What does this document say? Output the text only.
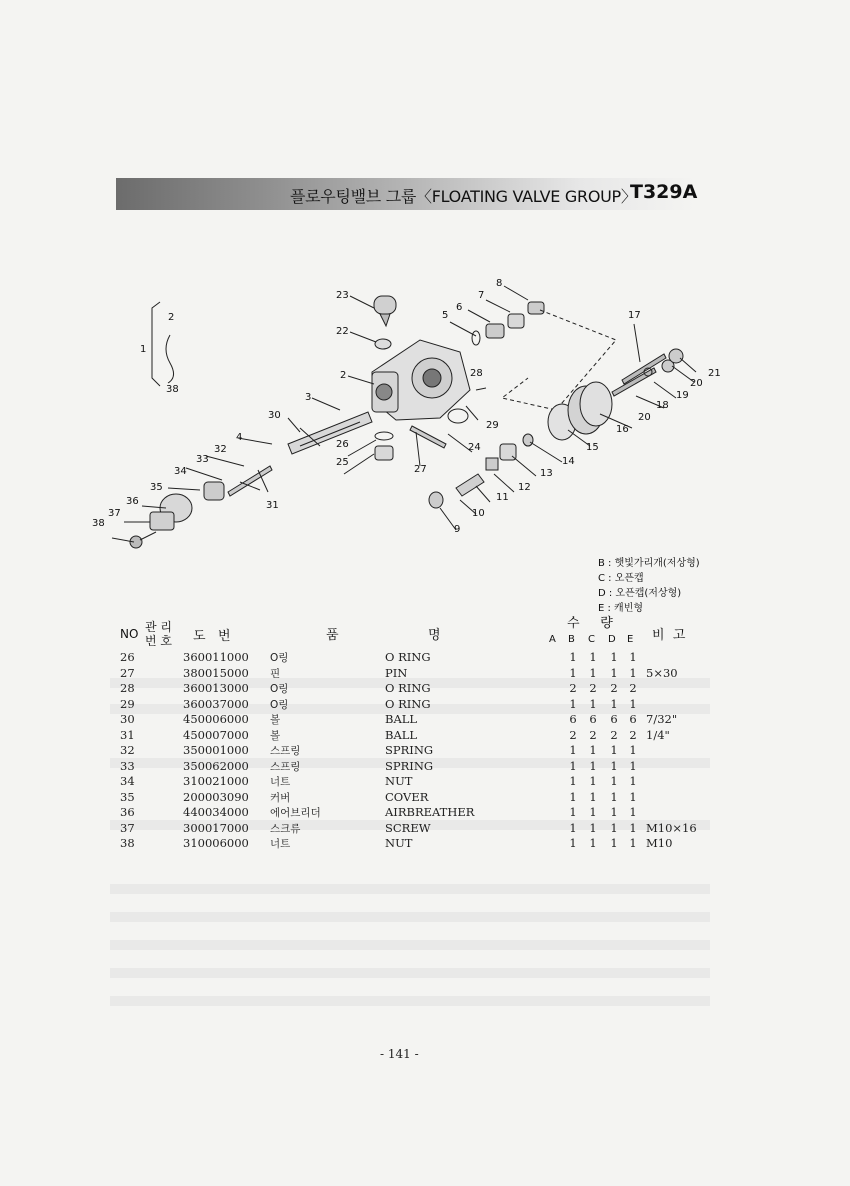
플로우팅밸브 그룹〈FLOATING VALVE GROUP〉
T329A
1
2
38
2
3
4
5
6
7
8
9
10
11
12
13
14
15
16
17
18
19
20
20
21
22
23
24
25
26
27
28
29
30
31
32
33
34
35
36
37
38
B : 햇빛가리개(저상형)
C : 오픈캡
D : 오픈캡(저상형)
E : 캐빈형
NO 관 리
번 호 도   번	품	명
수     량
A B C D E 비  고
26	360011000 O링	O RING	1 1 1 1
27	380015000 핀	PIN	1 1 1 1 5×30
28	360013000 O링	O RING	2 2 2 2
29	360037000 O링	O RING	1 1 1 1
30	450006000 볼	BALL	6 6 6 6 7/32"
31	450007000 볼	BALL	2 2 2 2 1/4"
32	350001000 스프링	SPRING	1 1 1 1
33	350062000 스프링	SPRING	1 1 1 1
34	310021000 너트	NUT	1 1 1 1
35	200003090 커버	COVER	1 1 1 1
36	440034000 에어브리더	AIRBREATHER	1 1 1 1
37	300017000 스크류	SCREW	1 1 1 1 M10×16
38	310006000 너트	NUT	1 1 1 1 M10
- 141 -
